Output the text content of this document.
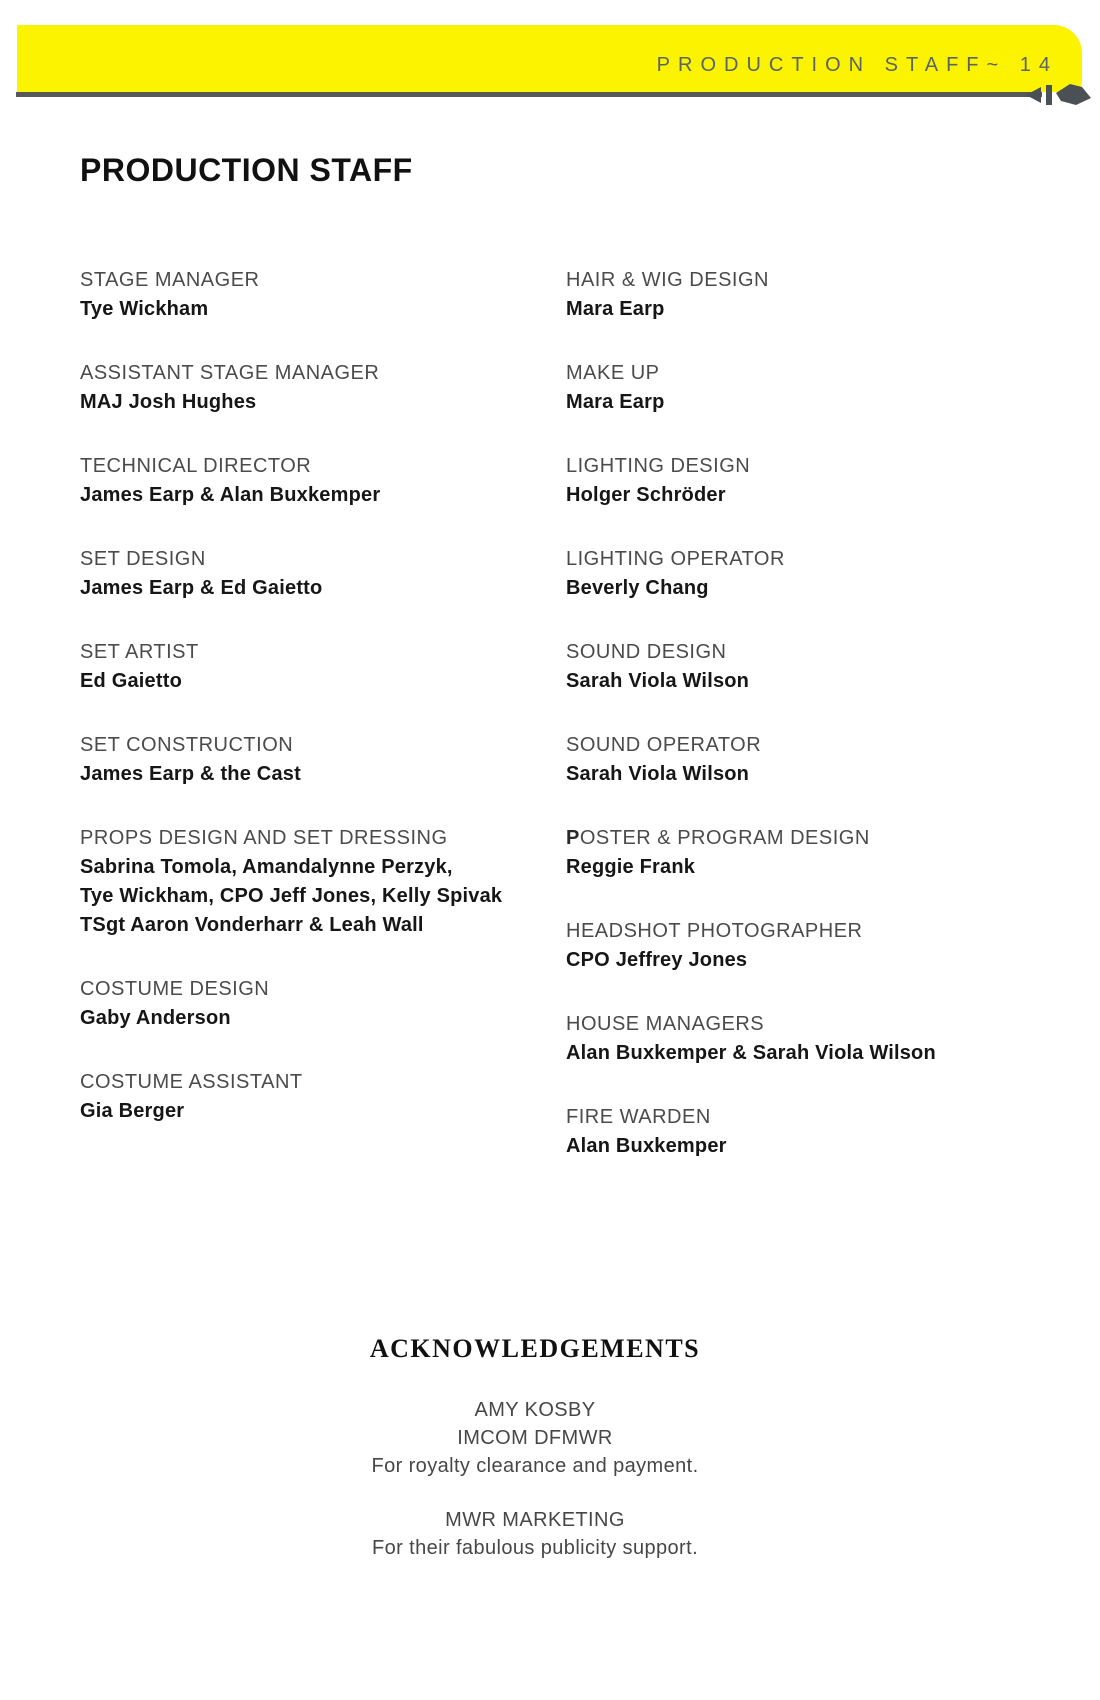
PRODUCTION STAFF~ 14
PRODUCTION STAFF
STAGE MANAGER
Tye Wickham
ASSISTANT STAGE MANAGER
MAJ Josh Hughes
TECHNICAL DIRECTOR
James Earp & Alan Buxkemper
SET DESIGN
James Earp & Ed Gaietto
SET ARTIST
Ed Gaietto
SET CONSTRUCTION
James Earp & the Cast
PROPS DESIGN AND SET DRESSING
Sabrina Tomola, Amandalynne Perzyk,
Tye Wickham, CPO Jeff Jones, Kelly Spivak
TSgt Aaron Vonderharr & Leah Wall
COSTUME DESIGN
Gaby Anderson
COSTUME ASSISTANT
Gia Berger
HAIR & WIG DESIGN
Mara Earp
MAKE UP
Mara Earp
LIGHTING DESIGN
Holger Schröder
LIGHTING OPERATOR
Beverly Chang
SOUND DESIGN
Sarah Viola Wilson
SOUND OPERATOR
Sarah Viola Wilson
POSTER & PROGRAM DESIGN
Reggie Frank
HEADSHOT PHOTOGRAPHER
CPO Jeffrey Jones
HOUSE MANAGERS
Alan Buxkemper & Sarah Viola Wilson
FIRE WARDEN
Alan Buxkemper
ACKNOWLEDGEMENTS
AMY KOSBY
IMCOM DFMWR
For royalty clearance and payment.
MWR MARKETING
For their fabulous publicity support.
